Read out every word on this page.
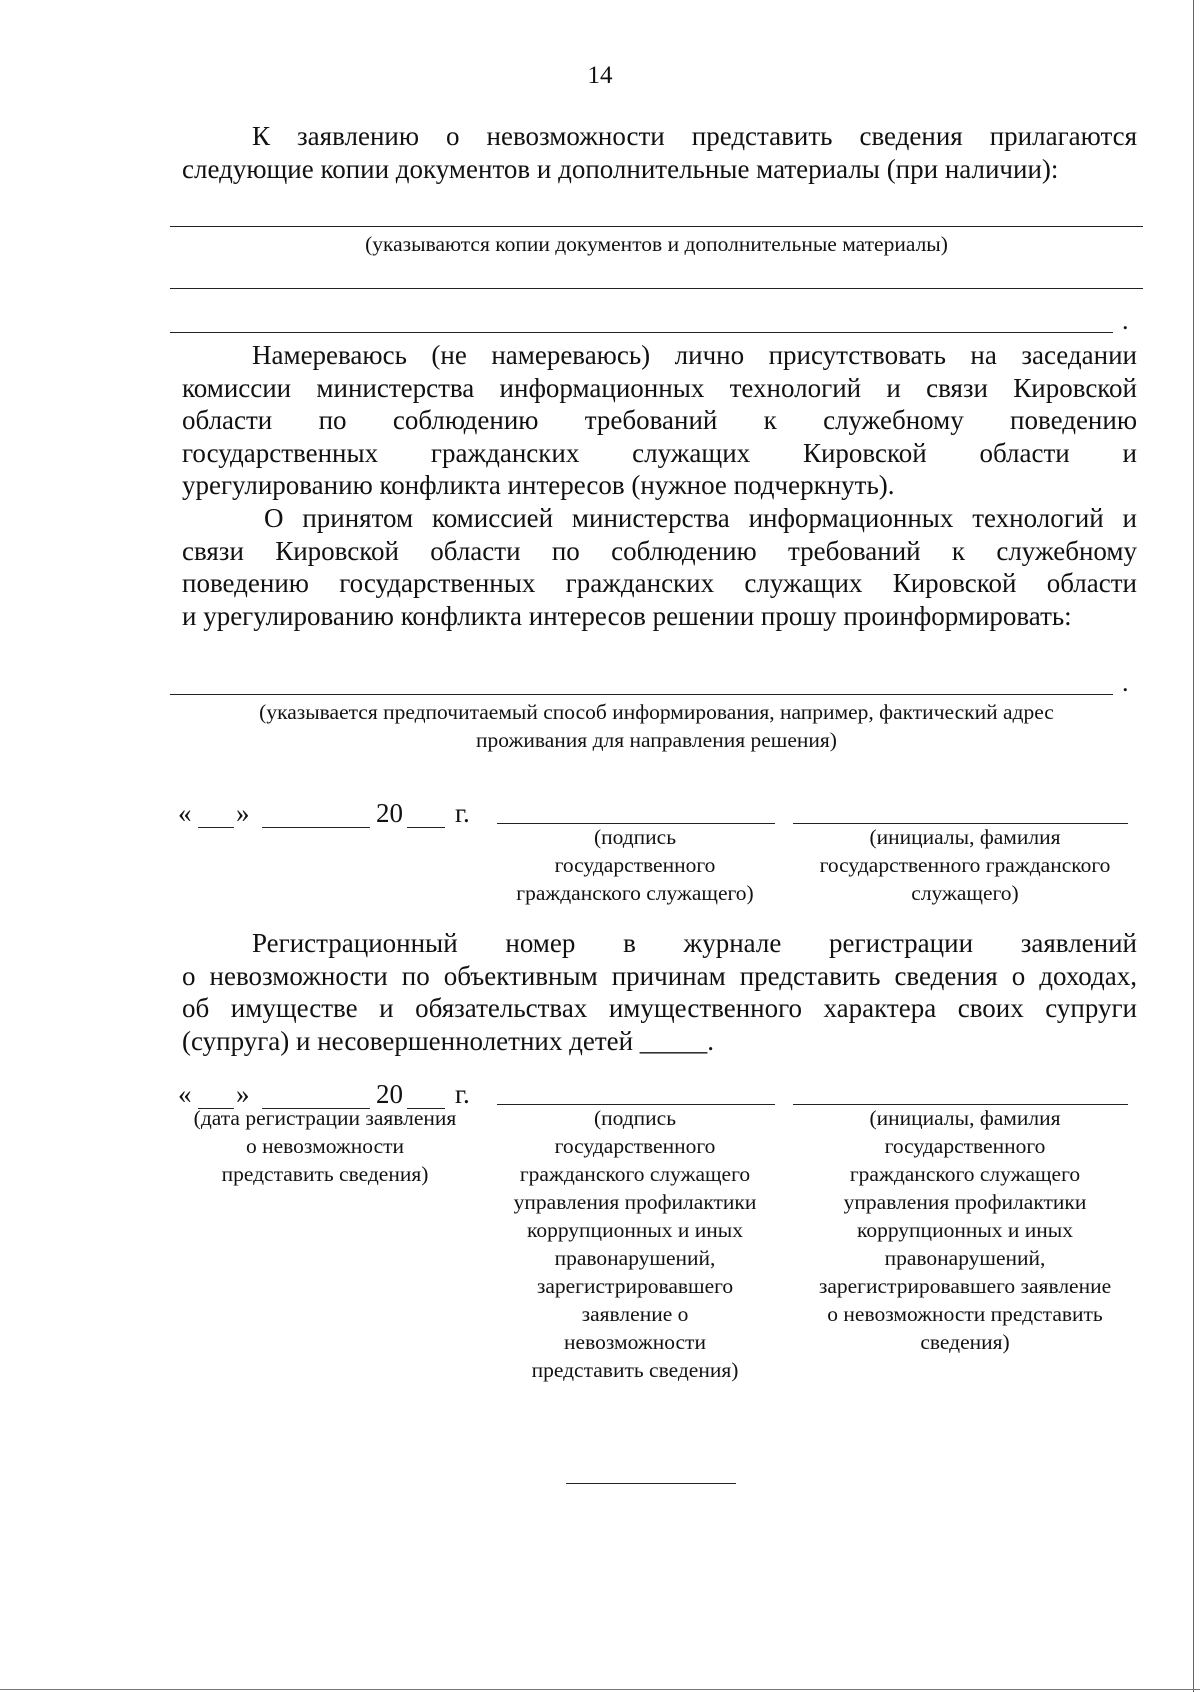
14
К заявлению о невозможности представить сведения прилагаются
следующие копии документов и дополнительные материалы (при наличии):
(указываются копии документов и дополнительные материалы)
.
Намереваюсь (не намереваюсь) лично присутствовать на заседании
комиссии министерства информационных технологий и связи Кировской
области по соблюдению требований к служебному поведению
государственных гражданских служащих Кировской области и
урегулированию конфликта интересов (нужное подчеркнуть).
О принятом комиссией министерства информационных технологий и
связи Кировской области по соблюдению требований к служебному
поведению государственных гражданских служащих Кировской области
и урегулированию конфликта интересов решении прошу проинформировать:
.
(указывается предпочитаемый способ информирования, например, фактический адрес
проживания для направления решения)
« »	20 г.
(подпись
государственного
гражданского служащего)
(инициалы, фамилия
государственного гражданского
служащего)
Регистрационный номер в журнале регистрации заявлений
о невозможности по объективным причинам представить сведения о доходах,
об имуществе и обязательствах имущественного характера своих супруги
(супруга) и несовершеннолетних детей _____.
« »	20 г.
(дата регистрации заявления
о невозможности
представить сведения)
(подпись
государственного
гражданского служащего
управления профилактики
коррупционных и иных
правонарушений,
зарегистрировавшего
заявление о
невозможности
представить сведения)
(инициалы, фамилия
государственного
гражданского служащего
управления профилактики
коррупционных и иных
правонарушений,
зарегистрировавшего заявление
о невозможности представить
сведения)
